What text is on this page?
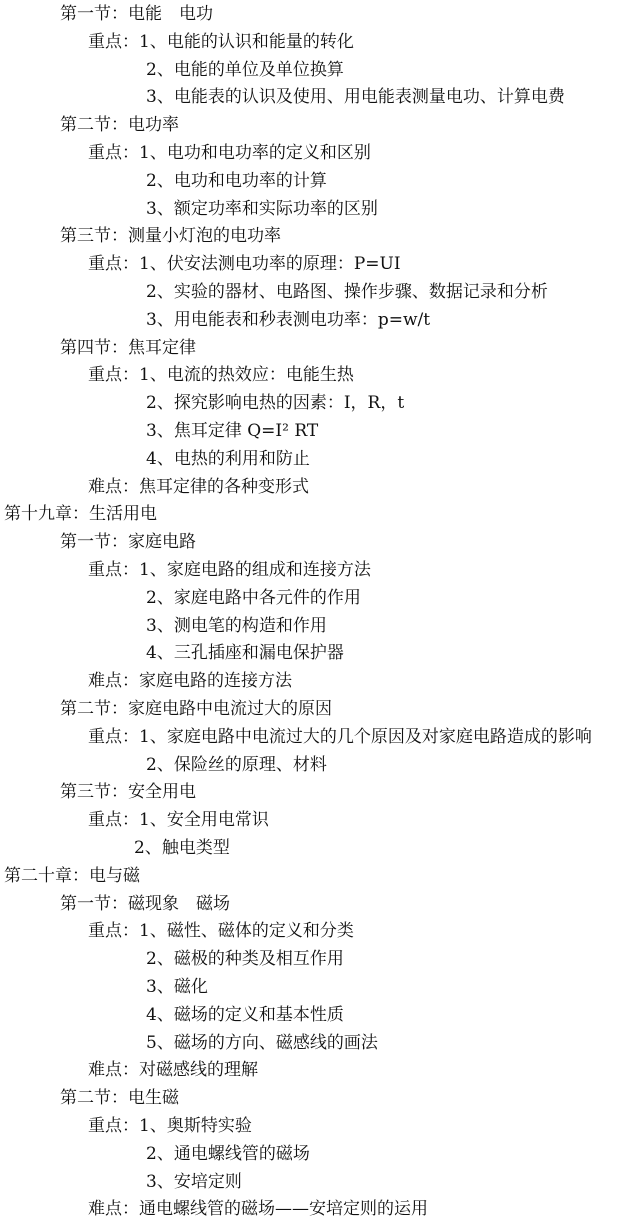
第一节：电能　电功
重点：1、电能的认识和能量的转化
2、电能的单位及单位换算
3、电能表的认识及使用、用电能表测量电功、计算电费
第二节：电功率
重点：1、电功和电功率的定义和区别
2、电功和电功率的计算
3、额定功率和实际功率的区别
第三节：测量小灯泡的电功率
重点：1、伏安法测电功率的原理：P=UI
2、实验的器材、电路图、操作步骤、数据记录和分析
3、用电能表和秒表测电功率：p=w/t
第四节：焦耳定律
重点：1、电流的热效应：电能生热
2、探究影响电热的因素：I，R，t
3、焦耳定律 Q=I² RT
4、电热的利用和防止
难点：焦耳定律的各种变形式
第十九章：生活用电
第一节：家庭电路
重点：1、家庭电路的组成和连接方法
2、家庭电路中各元件的作用
3、测电笔的构造和作用
4、三孔插座和漏电保护器
难点：家庭电路的连接方法
第二节：家庭电路中电流过大的原因
重点：1、家庭电路中电流过大的几个原因及对家庭电路造成的影响
2、保险丝的原理、材料
第三节：安全用电
重点：1、安全用电常识
2、触电类型
第二十章：电与磁
第一节：磁现象　磁场
重点：1、磁性、磁体的定义和分类
2、磁极的种类及相互作用
3、磁化
4、磁场的定义和基本性质
5、磁场的方向、磁感线的画法
难点：对磁感线的理解
第二节：电生磁
重点：1、奥斯特实验
2、通电螺线管的磁场
3、安培定则
难点：通电螺线管的磁场——安培定则的运用
